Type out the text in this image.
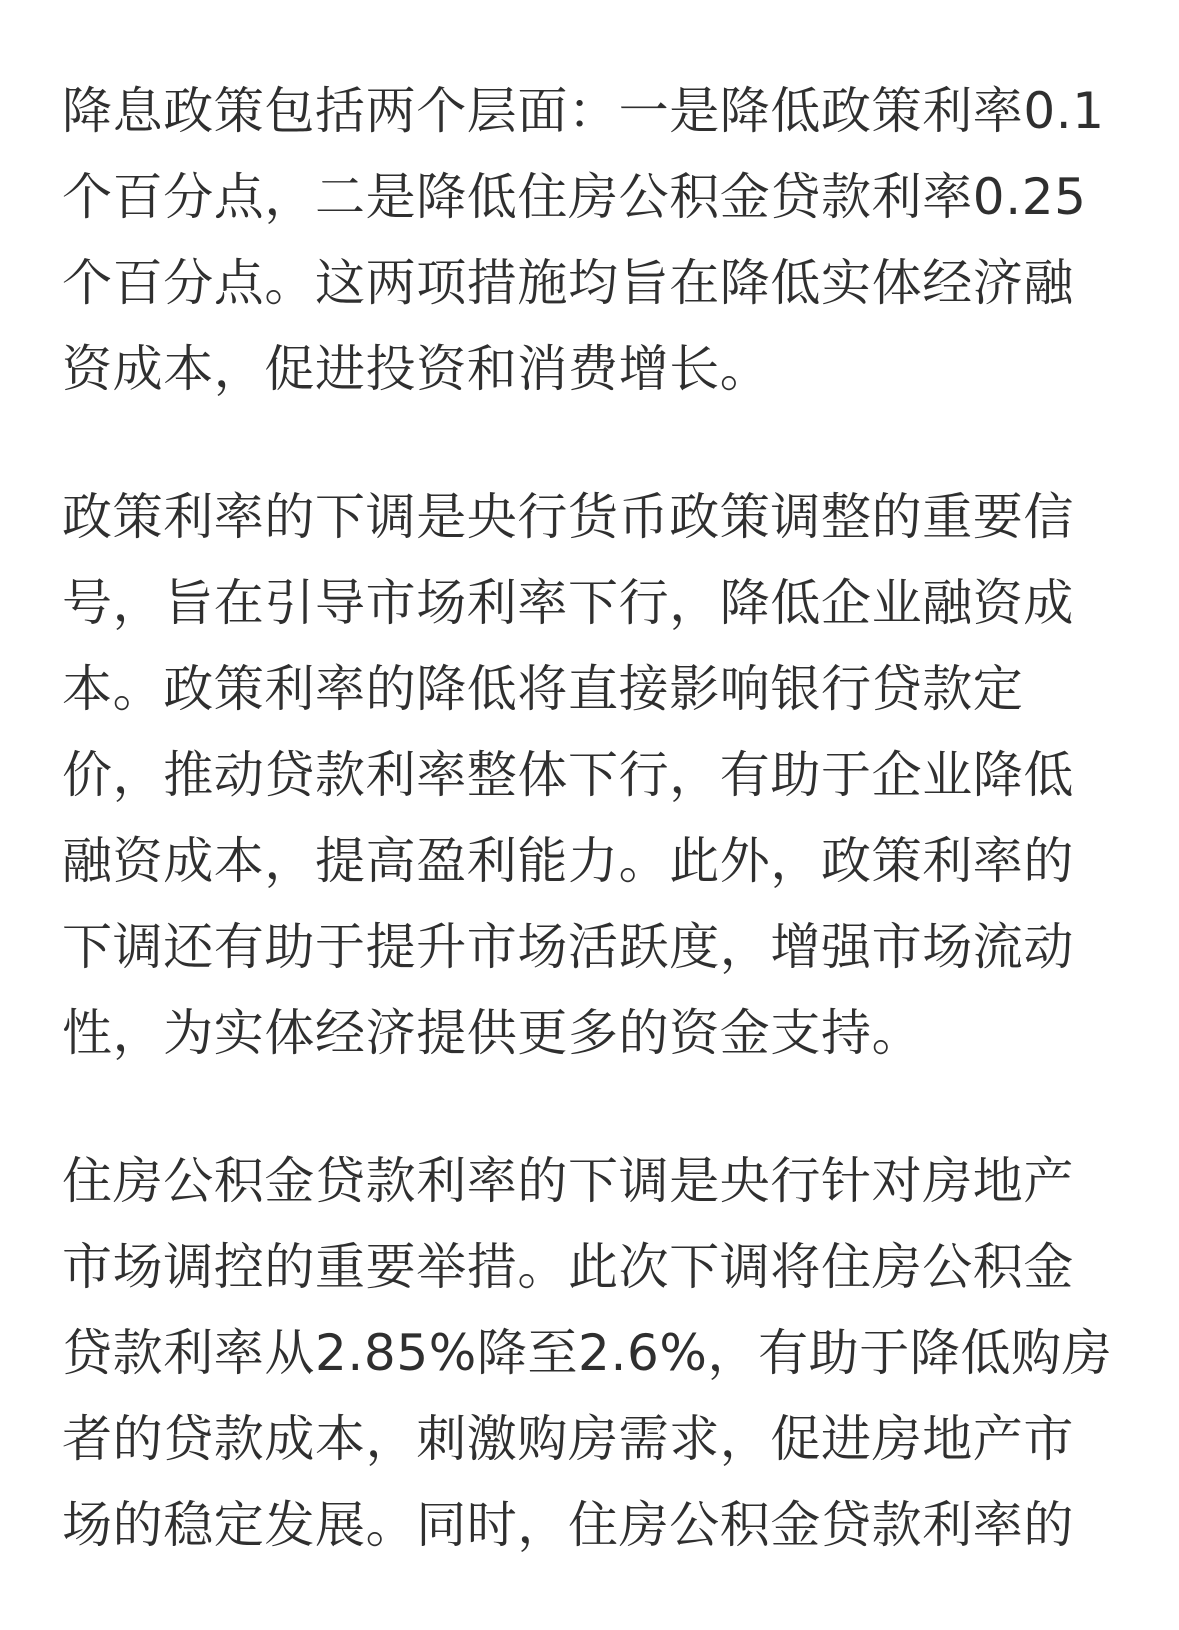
降息政策包括两个层面：一是降低政策利率0.1
个百分点，二是降低住房公积金贷款利率0.25
个百分点。这两项措施均旨在降低实体经济融
资成本，促进投资和消费增长。

政策利率的下调是央行货币政策调整的重要信
号，旨在引导市场利率下行，降低企业融资成
本。政策利率的降低将直接影响银行贷款定
价，推动贷款利率整体下行，有助于企业降低
融资成本，提高盈利能力。此外，政策利率的
下调还有助于提升市场活跃度，增强市场流动
性，为实体经济提供更多的资金支持。

住房公积金贷款利率的下调是央行针对房地产
市场调控的重要举措。此次下调将住房公积金
贷款利率从2.85%降至2.6%，有助于降低购房
者的贷款成本，刺激购房需求，促进房地产市
场的稳定发展。同时，住房公积金贷款利率的
